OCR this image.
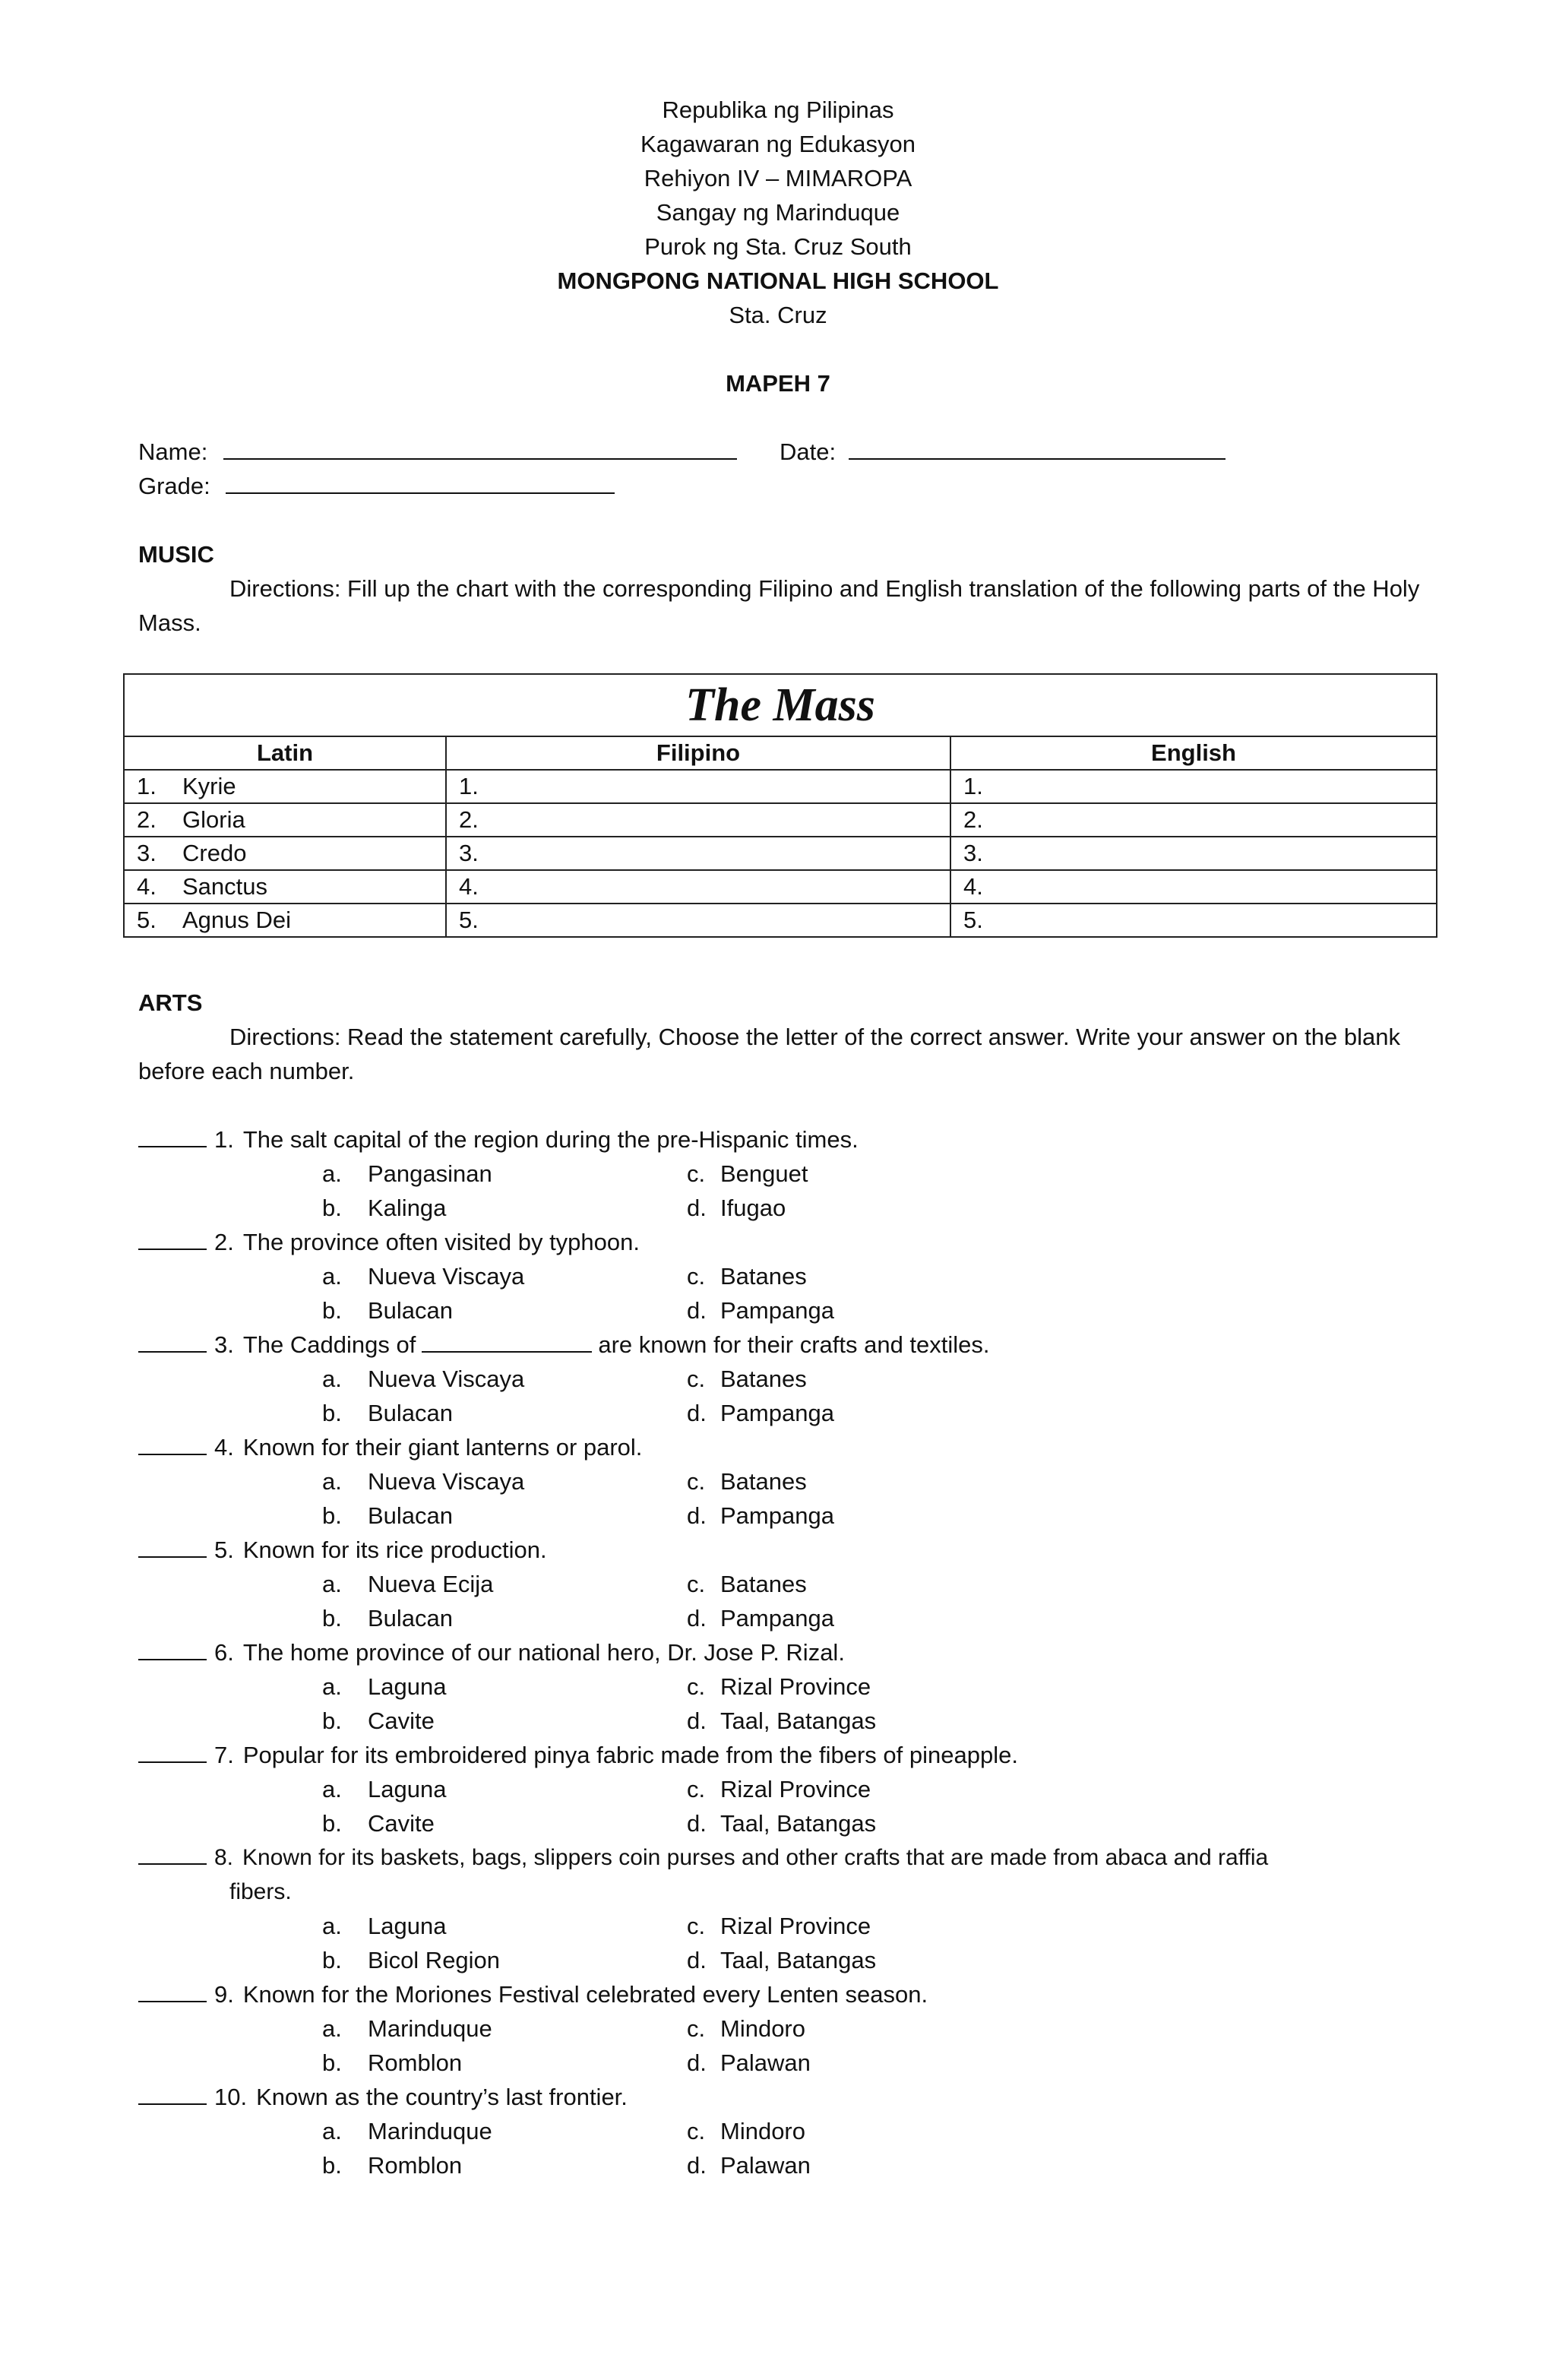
Republika ng Pilipinas
Kagawaran ng Edukasyon
Rehiyon IV – MIMAROPA
Sangay ng Marinduque
Purok ng Sta. Cruz South
MONGPONG NATIONAL HIGH SCHOOL
Sta. Cruz
MAPEH 7
Name:	Date:
Grade:
MUSIC
Directions: Fill up the chart with the corresponding Filipino and English translation of the following parts of the Holy Mass.
The Mass		
Latin	Filipino	English
1. Kyrie	1.	1.
2. Gloria	2.	2.
3. Credo	3.	3.
4. Sanctus	4.	4.
5. Agnus Dei	5.	5.
ARTS
Directions: Read the statement carefully, Choose the letter of the correct answer. Write your answer on the blank before each number.
1. The salt capital of the region during the pre-Hispanic times.
a. Pangasinan	c. Benguet
b. Kalinga	d. Ifugao
2. The province often visited by typhoon.
a. Nueva Viscaya	c. Batanes
b. Bulacan	d. Pampanga
3. The Caddings of	are known for their crafts and textiles.
a. Nueva Viscaya	c. Batanes
b. Bulacan	d. Pampanga
4. Known for their giant lanterns or parol.
a. Nueva Viscaya	c. Batanes
b. Bulacan	d. Pampanga
5. Known for its rice production.
a. Nueva Ecija	c. Batanes
b. Bulacan	d. Pampanga
6. The home province of our national hero, Dr. Jose P. Rizal.
a. Laguna	c. Rizal Province
b. Cavite	d. Taal, Batangas
7. Popular for its embroidered pinya fabric made from the fibers of pineapple.
a. Laguna	c. Rizal Province
b. Cavite	d. Taal, Batangas
8. Known for its baskets, bags, slippers coin purses and other crafts that are made from abaca and raffia
fibers.
a. Laguna	c. Rizal Province
b. Bicol Region	d. Taal, Batangas
9. Known for the Moriones Festival celebrated every Lenten season.
a. Marinduque	c. Mindoro
b. Romblon	d. Palawan
10. Known as the country’s last frontier.
a. Marinduque	c. Mindoro
b. Romblon	d. Palawan
